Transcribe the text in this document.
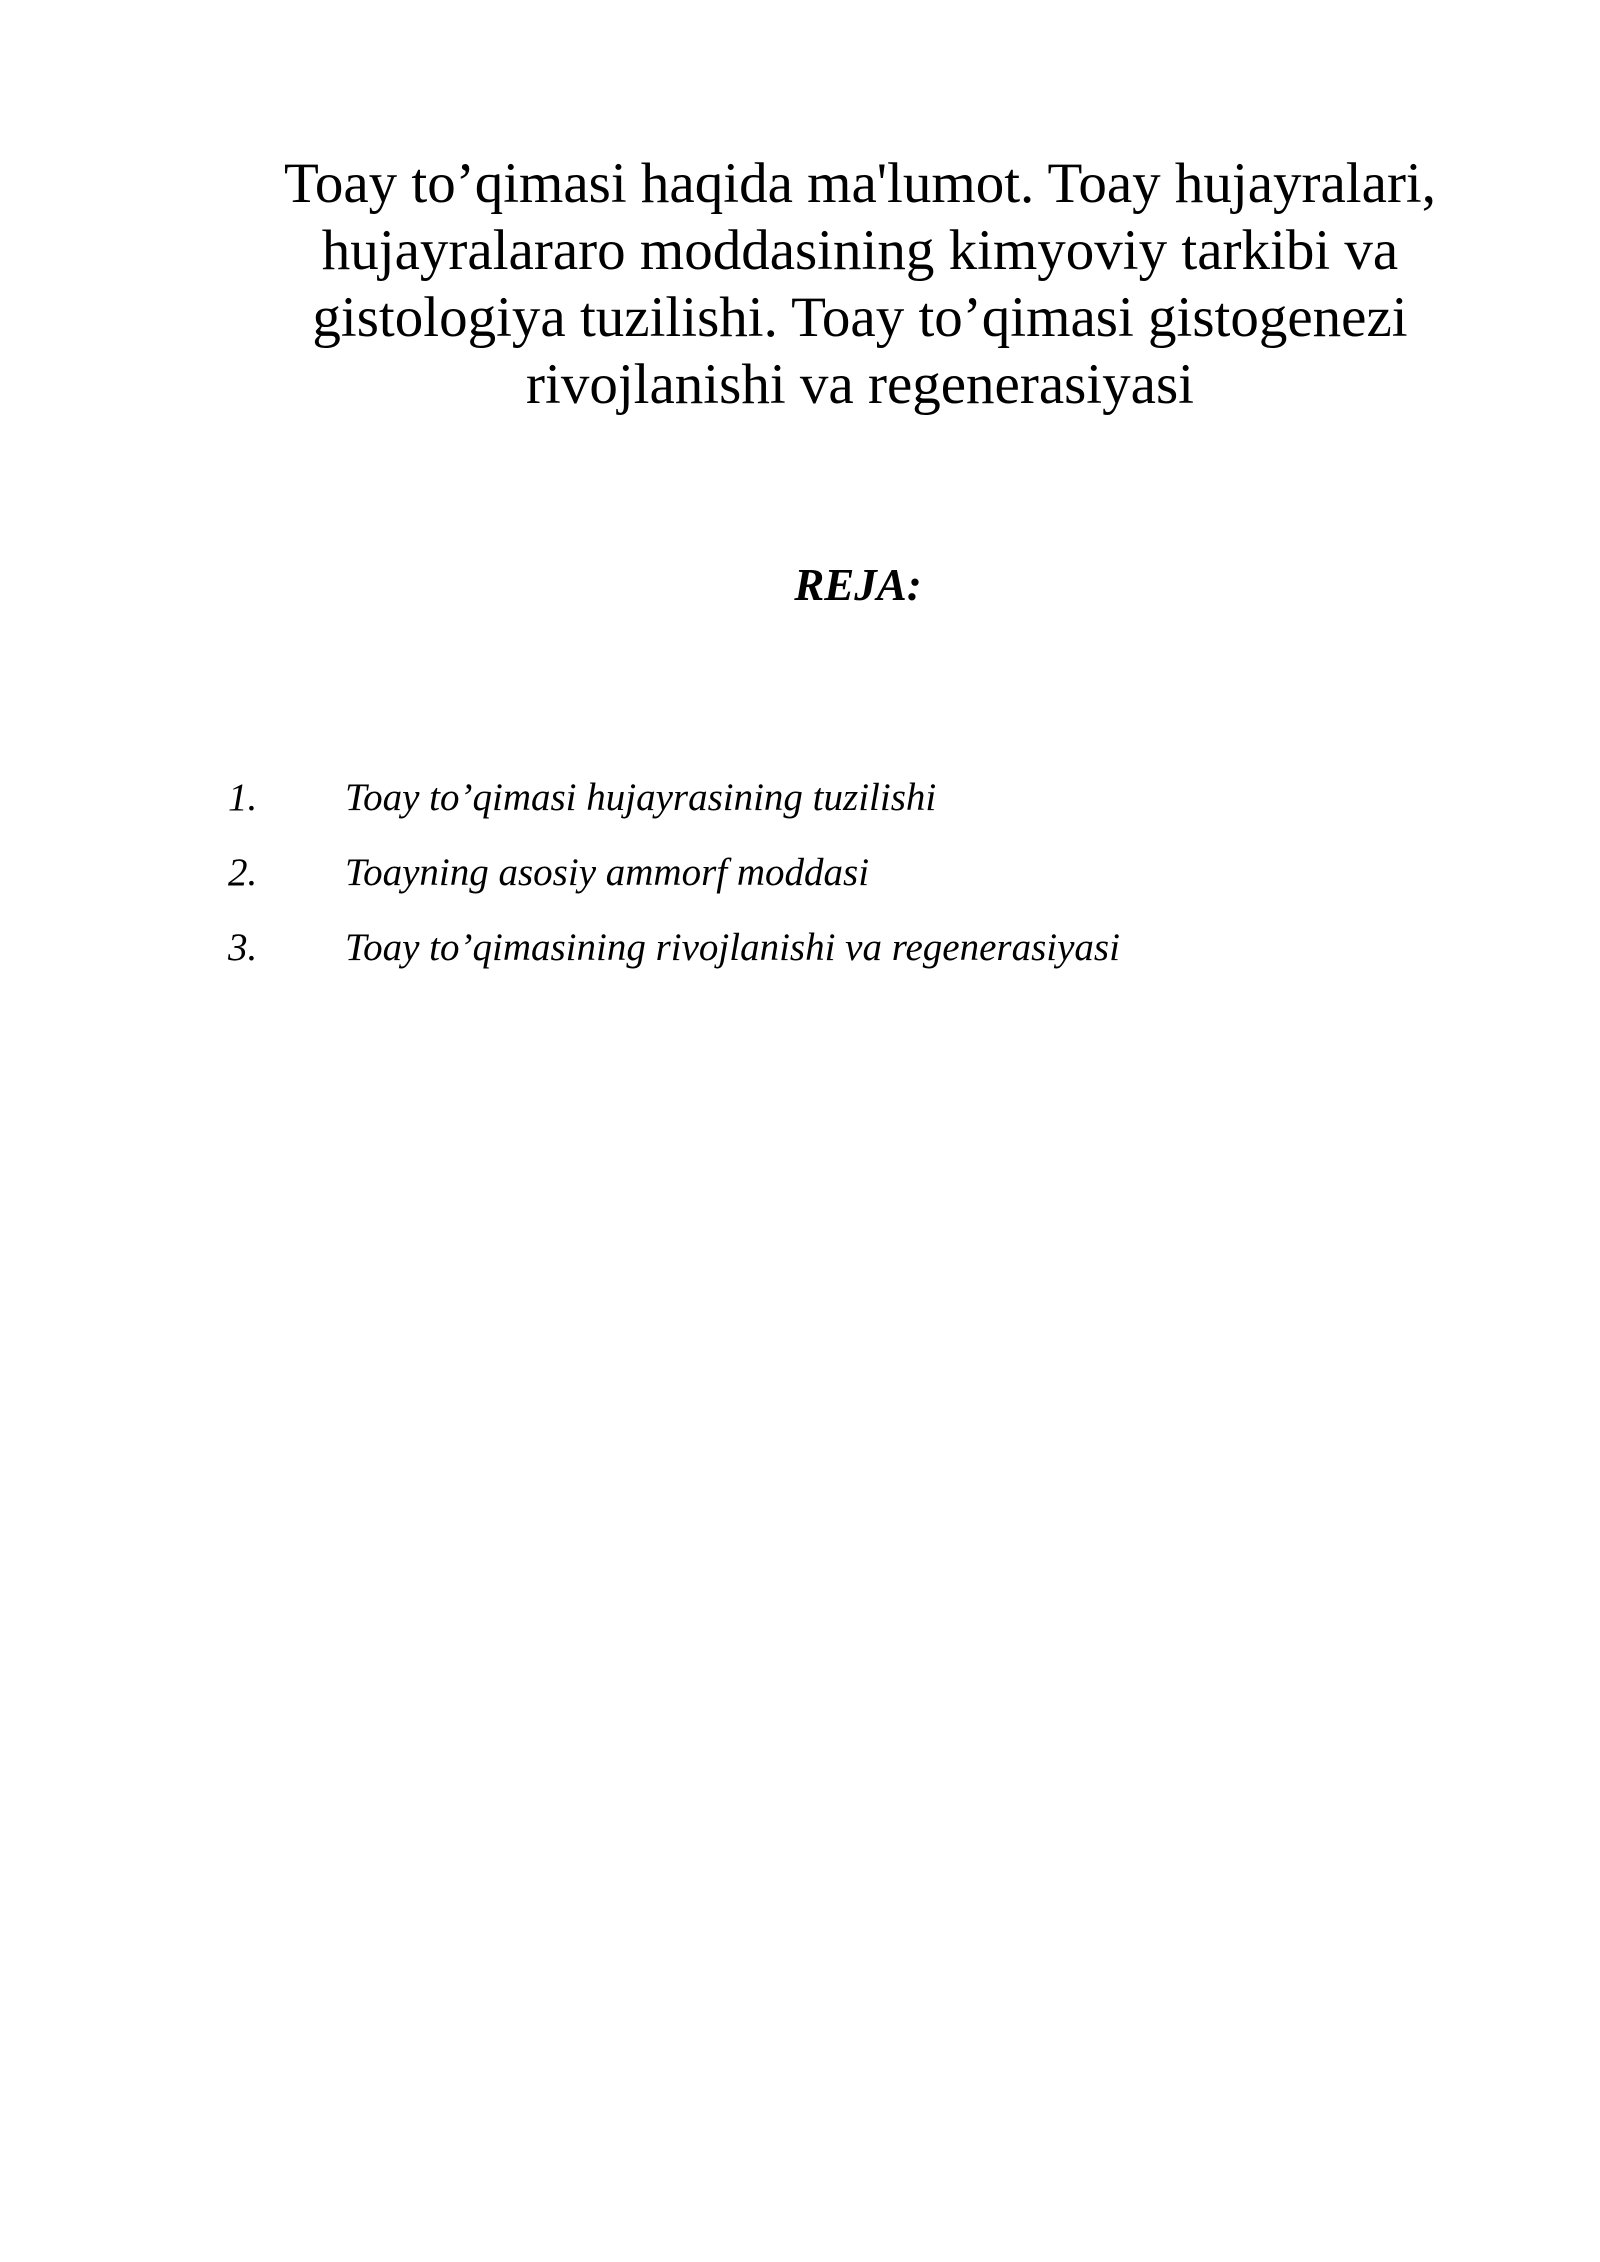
Toay to’qimasi haqida ma'lumot. Toay hujayralari, hujayralararo moddasining kimyoviy tarkibi va gistologiya tuzilishi. Toay to’qimasi gistogenezi rivojlanishi va regenerasiyasi
REJA:
1.	Toay to’qimasi hujayrasining tuzilishi
2.	Toayning asosiy ammorf moddasi
3.	Toay to’qimasining rivojlanishi va regenerasiyasi
